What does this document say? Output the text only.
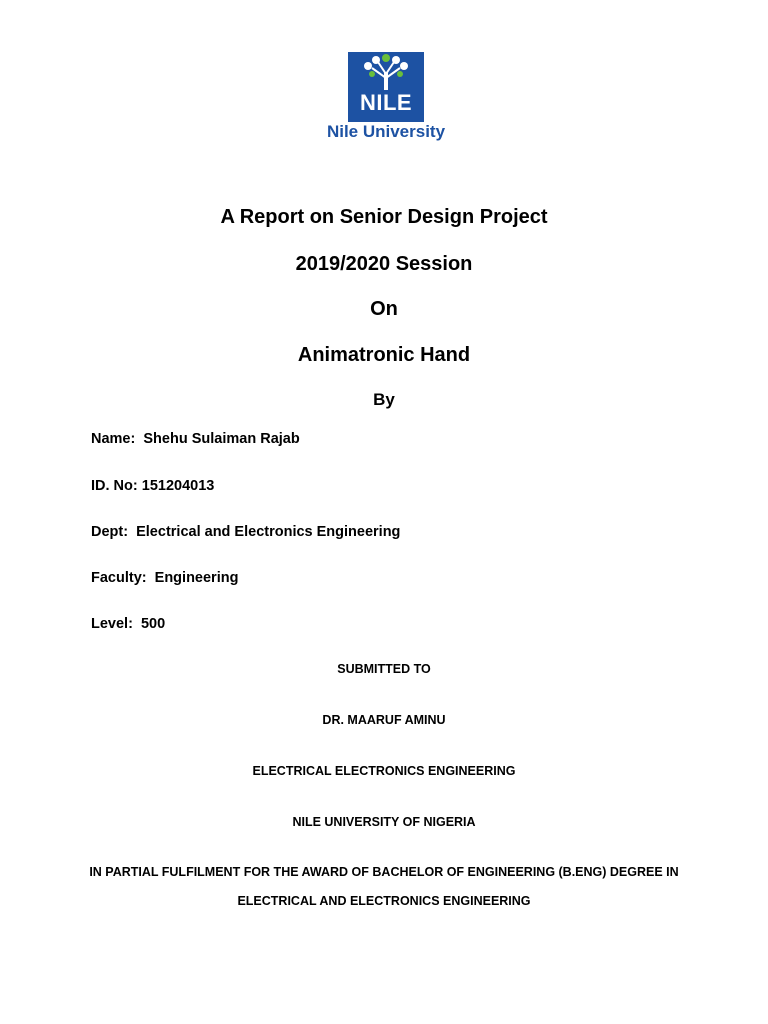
NILE
Nile University
A Report on Senior Design Project
2019/2020 Session
On
Animatronic Hand
By
Name:  Shehu Sulaiman Rajab
ID. No: 151204013
Dept:  Electrical and Electronics Engineering
Faculty:  Engineering
Level:  500
SUBMITTED TO
DR. MAARUF AMINU
ELECTRICAL ELECTRONICS ENGINEERING
NILE UNIVERSITY OF NIGERIA
IN PARTIAL FULFILMENT FOR THE AWARD OF BACHELOR OF ENGINEERING (B.ENG) DEGREE IN
ELECTRICAL AND ELECTRONICS ENGINEERING
